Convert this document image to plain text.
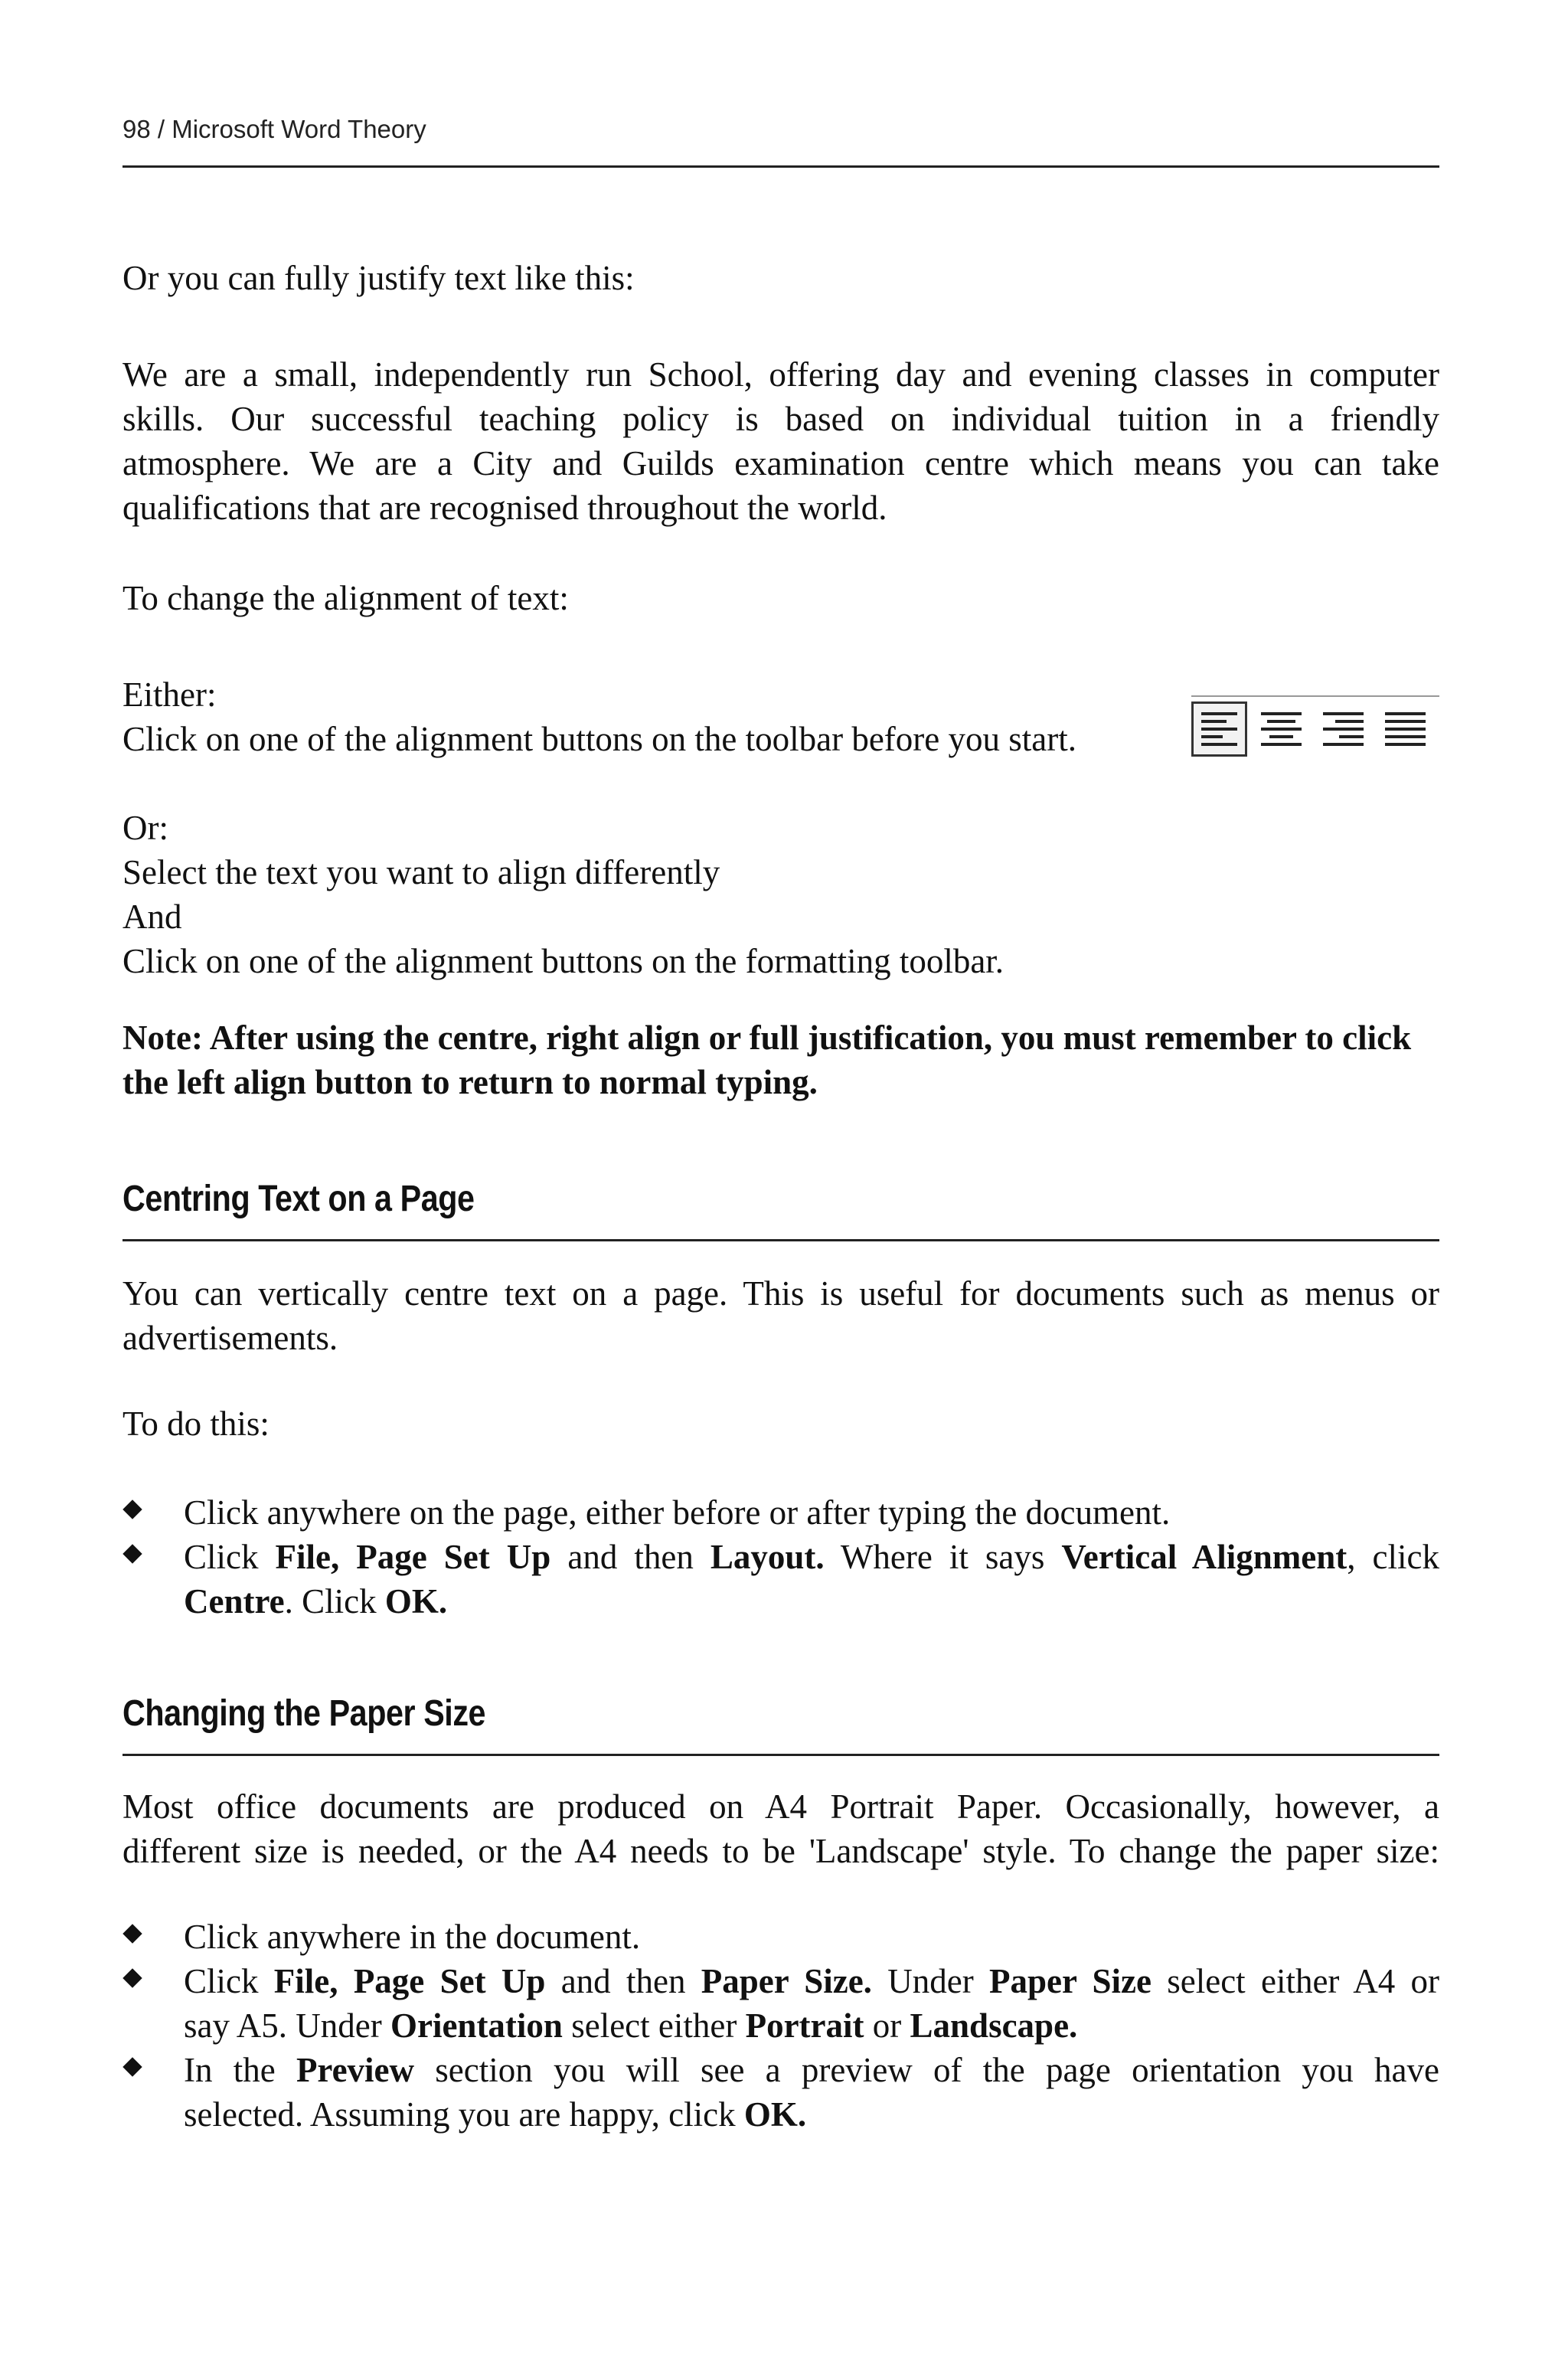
98 / Microsoft Word Theory

Or you can fully justify text like this:

We are a small, independently run School, offering day and evening classes in computer
skills. Our successful teaching policy is based on individual tuition in a friendly
atmosphere. We are a City and Guilds examination centre which means you can take
qualifications that are recognised throughout the world.

To change the alignment of text:

Either:
Click on one of the alignment buttons on the toolbar before you start.

Or:
Select the text you want to align differently
And
Click on one of the alignment buttons on the formatting toolbar.

Note: After using the centre, right align or full justification, you must remember to click
the left align button to return to normal typing.

Centring Text on a Page

You can vertically centre text on a page. This is useful for documents such as menus or
advertisements.

To do this:

Click anywhere on the page, either before or after typing the document.
Click File, Page Set Up and then Layout. Where it says Vertical Alignment, click
Centre. Click OK.
Changing the Paper Size

Most office documents are produced on A4 Portrait Paper. Occasionally, however, a
different size is needed, or the A4 needs to be 'Landscape' style. To change the paper size:

Click anywhere in the document.
Click File, Page Set Up and then Paper Size. Under Paper Size select either A4 or
say A5. Under Orientation select either Portrait or Landscape.
In the Preview section you will see a preview of the page orientation you have
selected. Assuming you are happy, click OK.
